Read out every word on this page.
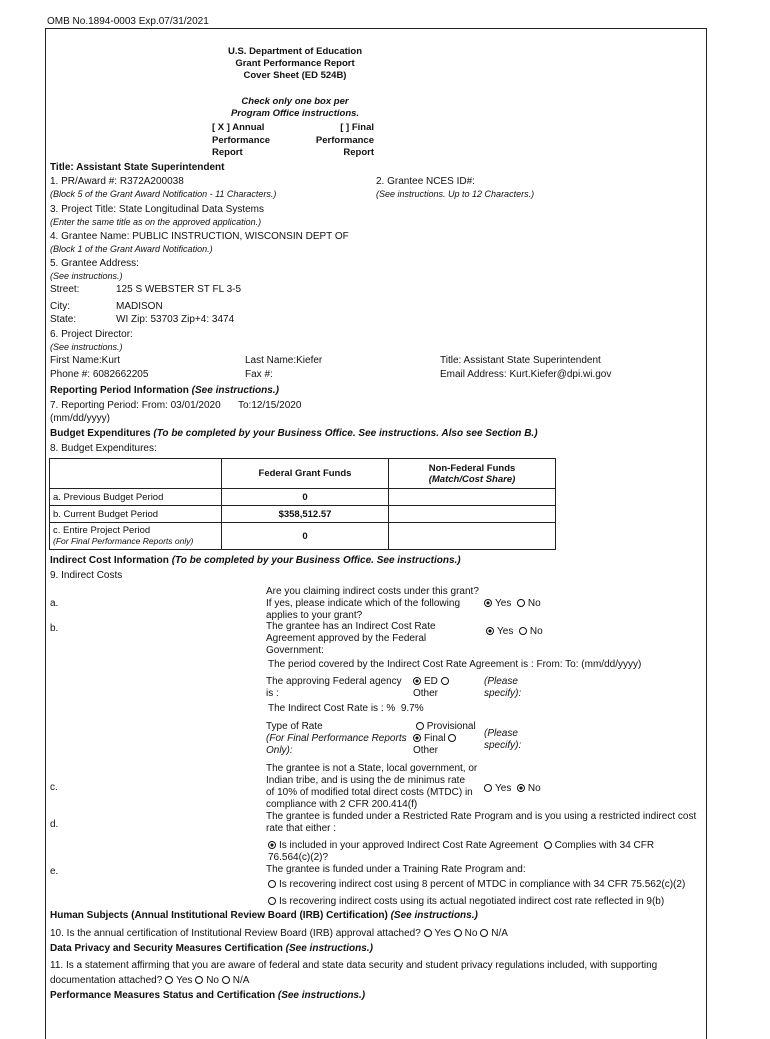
OMB No.1894-0003 Exp.07/31/2021
U.S. Department of Education
Grant Performance Report
Cover Sheet (ED 524B)
Check only one box per
Program Office instructions.
[ X ] Annual
Performance
Report
[ ] Final
Performance
Report
Title: Assistant State Superintendent
1. PR/Award #: R372A200038
(Block 5 of the Grant Award Notification - 11 Characters.)
2. Grantee NCES ID#:
(See instructions. Up to 12 Characters.)
3. Project Title: State Longitudinal Data Systems
(Enter the same title as on the approved application.)
4. Grantee Name: PUBLIC INSTRUCTION, WISCONSIN DEPT OF
(Block 1 of the Grant Award Notification.)
5. Grantee Address:
(See instructions.)
Street:	125 S WEBSTER ST FL 3-5
City:	MADISON
State:	WI Zip: 53703 Zip+4: 3474
6. Project Director:
(See instructions.)
First Name:Kurt	Last Name:Kiefer	Title: Assistant State Superintendent
Phone #: 6082662205	Fax #:	Email Address: Kurt.Kiefer@dpi.wi.gov
Reporting Period Information (See instructions.)
7. Reporting Period: From: 03/01/2020 To:12/15/2020
(mm/dd/yyyy)
Budget Expenditures (To be completed by your Business Office. See instructions. Also see Section B.)
8. Budget Expenditures:
	Federal Grant Funds	Non-Federal Funds
(Match/Cost Share)

a. Previous Budget Period	0	
b. Current Budget Period	$358,512.57	

c. Entire Project Period
(For Final Performance Reports only)	0	
Indirect Cost Information (To be completed by your Business Office. See instructions.)
9. Indirect Costs
a.
Are you claiming indirect costs under this grant?
If yes, please indicate which of the following
applies to your grant?
Yes No
b.	The grantee has an Indirect Cost Rate
Agreement approved by the Federal
Government:
Yes No
The period covered by the Indirect Cost Rate Agreement is : From: To: (mm/dd/yyyy)
The approving Federal agency
is :
ED
Other
(Please
specify):
The Indirect Cost Rate is : % 9.7%
Type of Rate
(For Final Performance Reports
Only):
Provisional
Final
Other
(Please
specify):
c.
The grantee is not a State, local government, or
Indian tribe, and is using the de minimus rate
of 10% of modified total direct costs (MTDC) in
compliance with 2 CFR 200.414(f)
Yes No
d.
The grantee is funded under a Restricted Rate Program and is you using a restricted indirect cost
rate that either :
Is included in your approved Indirect Cost Rate Agreement Complies with 34 CFR
76.564(c)(2)?
e.	The grantee is funded under a Training Rate Program and:
Is recovering indirect cost using 8 percent of MTDC in compliance with 34 CFR 75.562(c)(2)
Is recovering indirect costs using its actual negotiated indirect cost rate reflected in 9(b)
Human Subjects (Annual Institutional Review Board (IRB) Certification) (See instructions.)
10. Is the annual certification of Institutional Review Board (IRB) approval attached? Yes No N/A
Data Privacy and Security Measures Certification (See instructions.)
11. Is a statement affirming that you are aware of federal and state data security and student privacy regulations included, with supporting
documentation attached? Yes No N/A
Performance Measures Status and Certification (See instructions.)
